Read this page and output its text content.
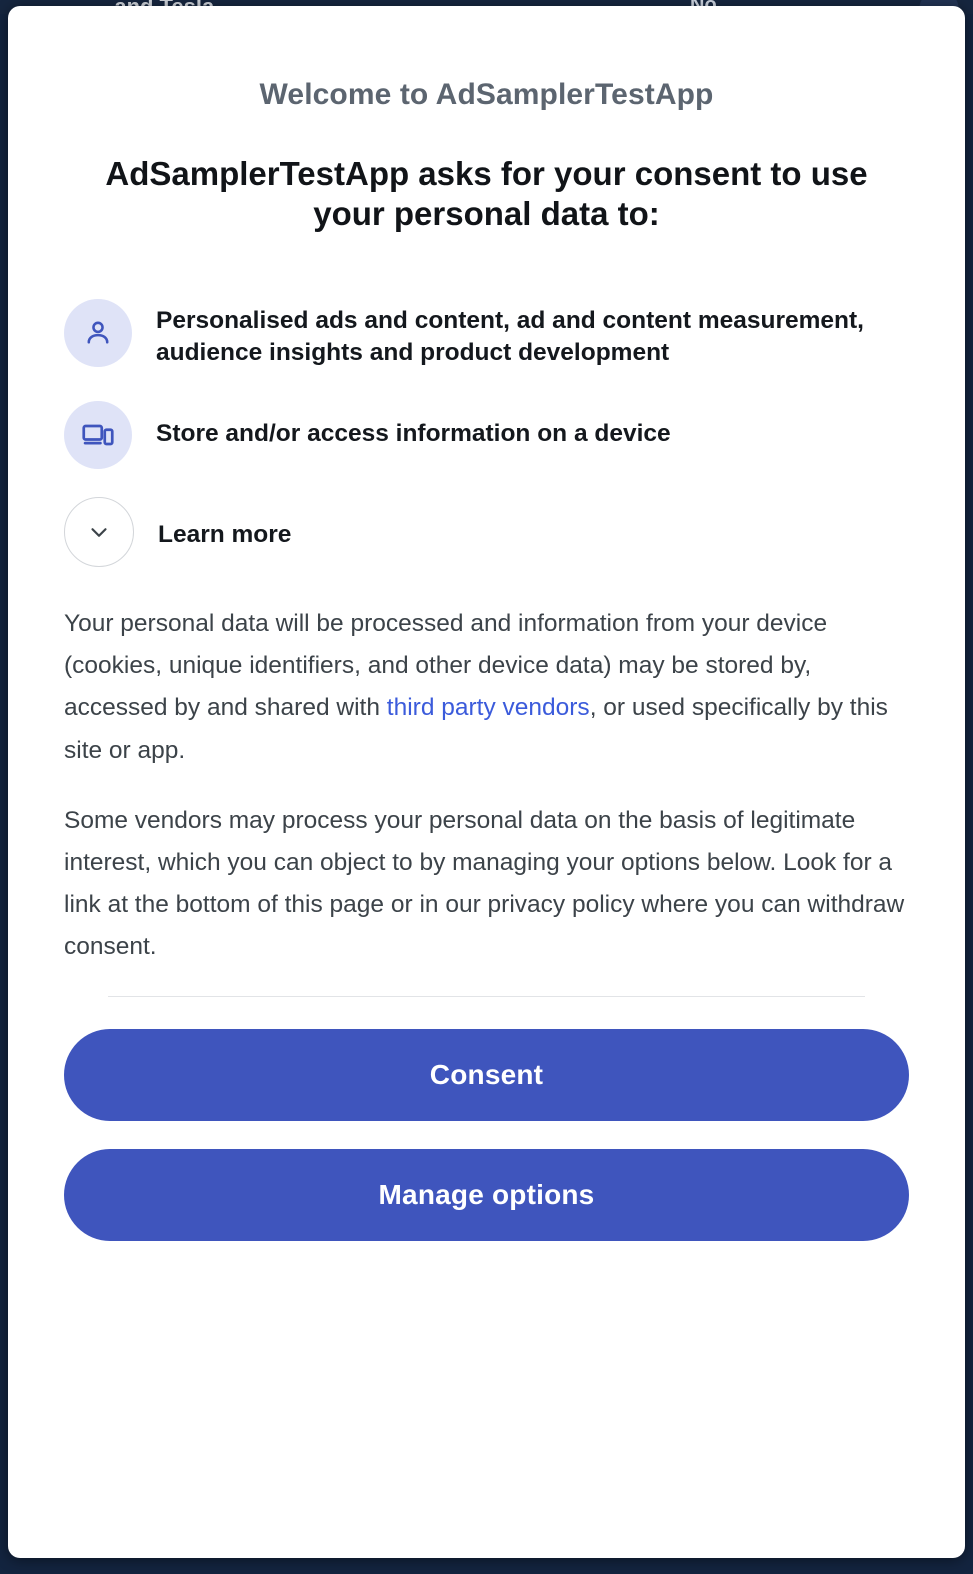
Welcome to AdSamplerTestApp
AdSamplerTestApp asks for your consent to use your personal data to:
Personalised ads and content, ad and content measurement, audience insights and product development
Store and/or access information on a device
Learn more
Your personal data will be processed and information from your device (cookies, unique identifiers, and other device data) may be stored by, accessed by and shared with third party vendors, or used specifically by this site or app.
Some vendors may process your personal data on the basis of legitimate interest, which you can object to by managing your options below. Look for a link at the bottom of this page or in our privacy policy where you can withdraw consent.
Consent
Manage options
